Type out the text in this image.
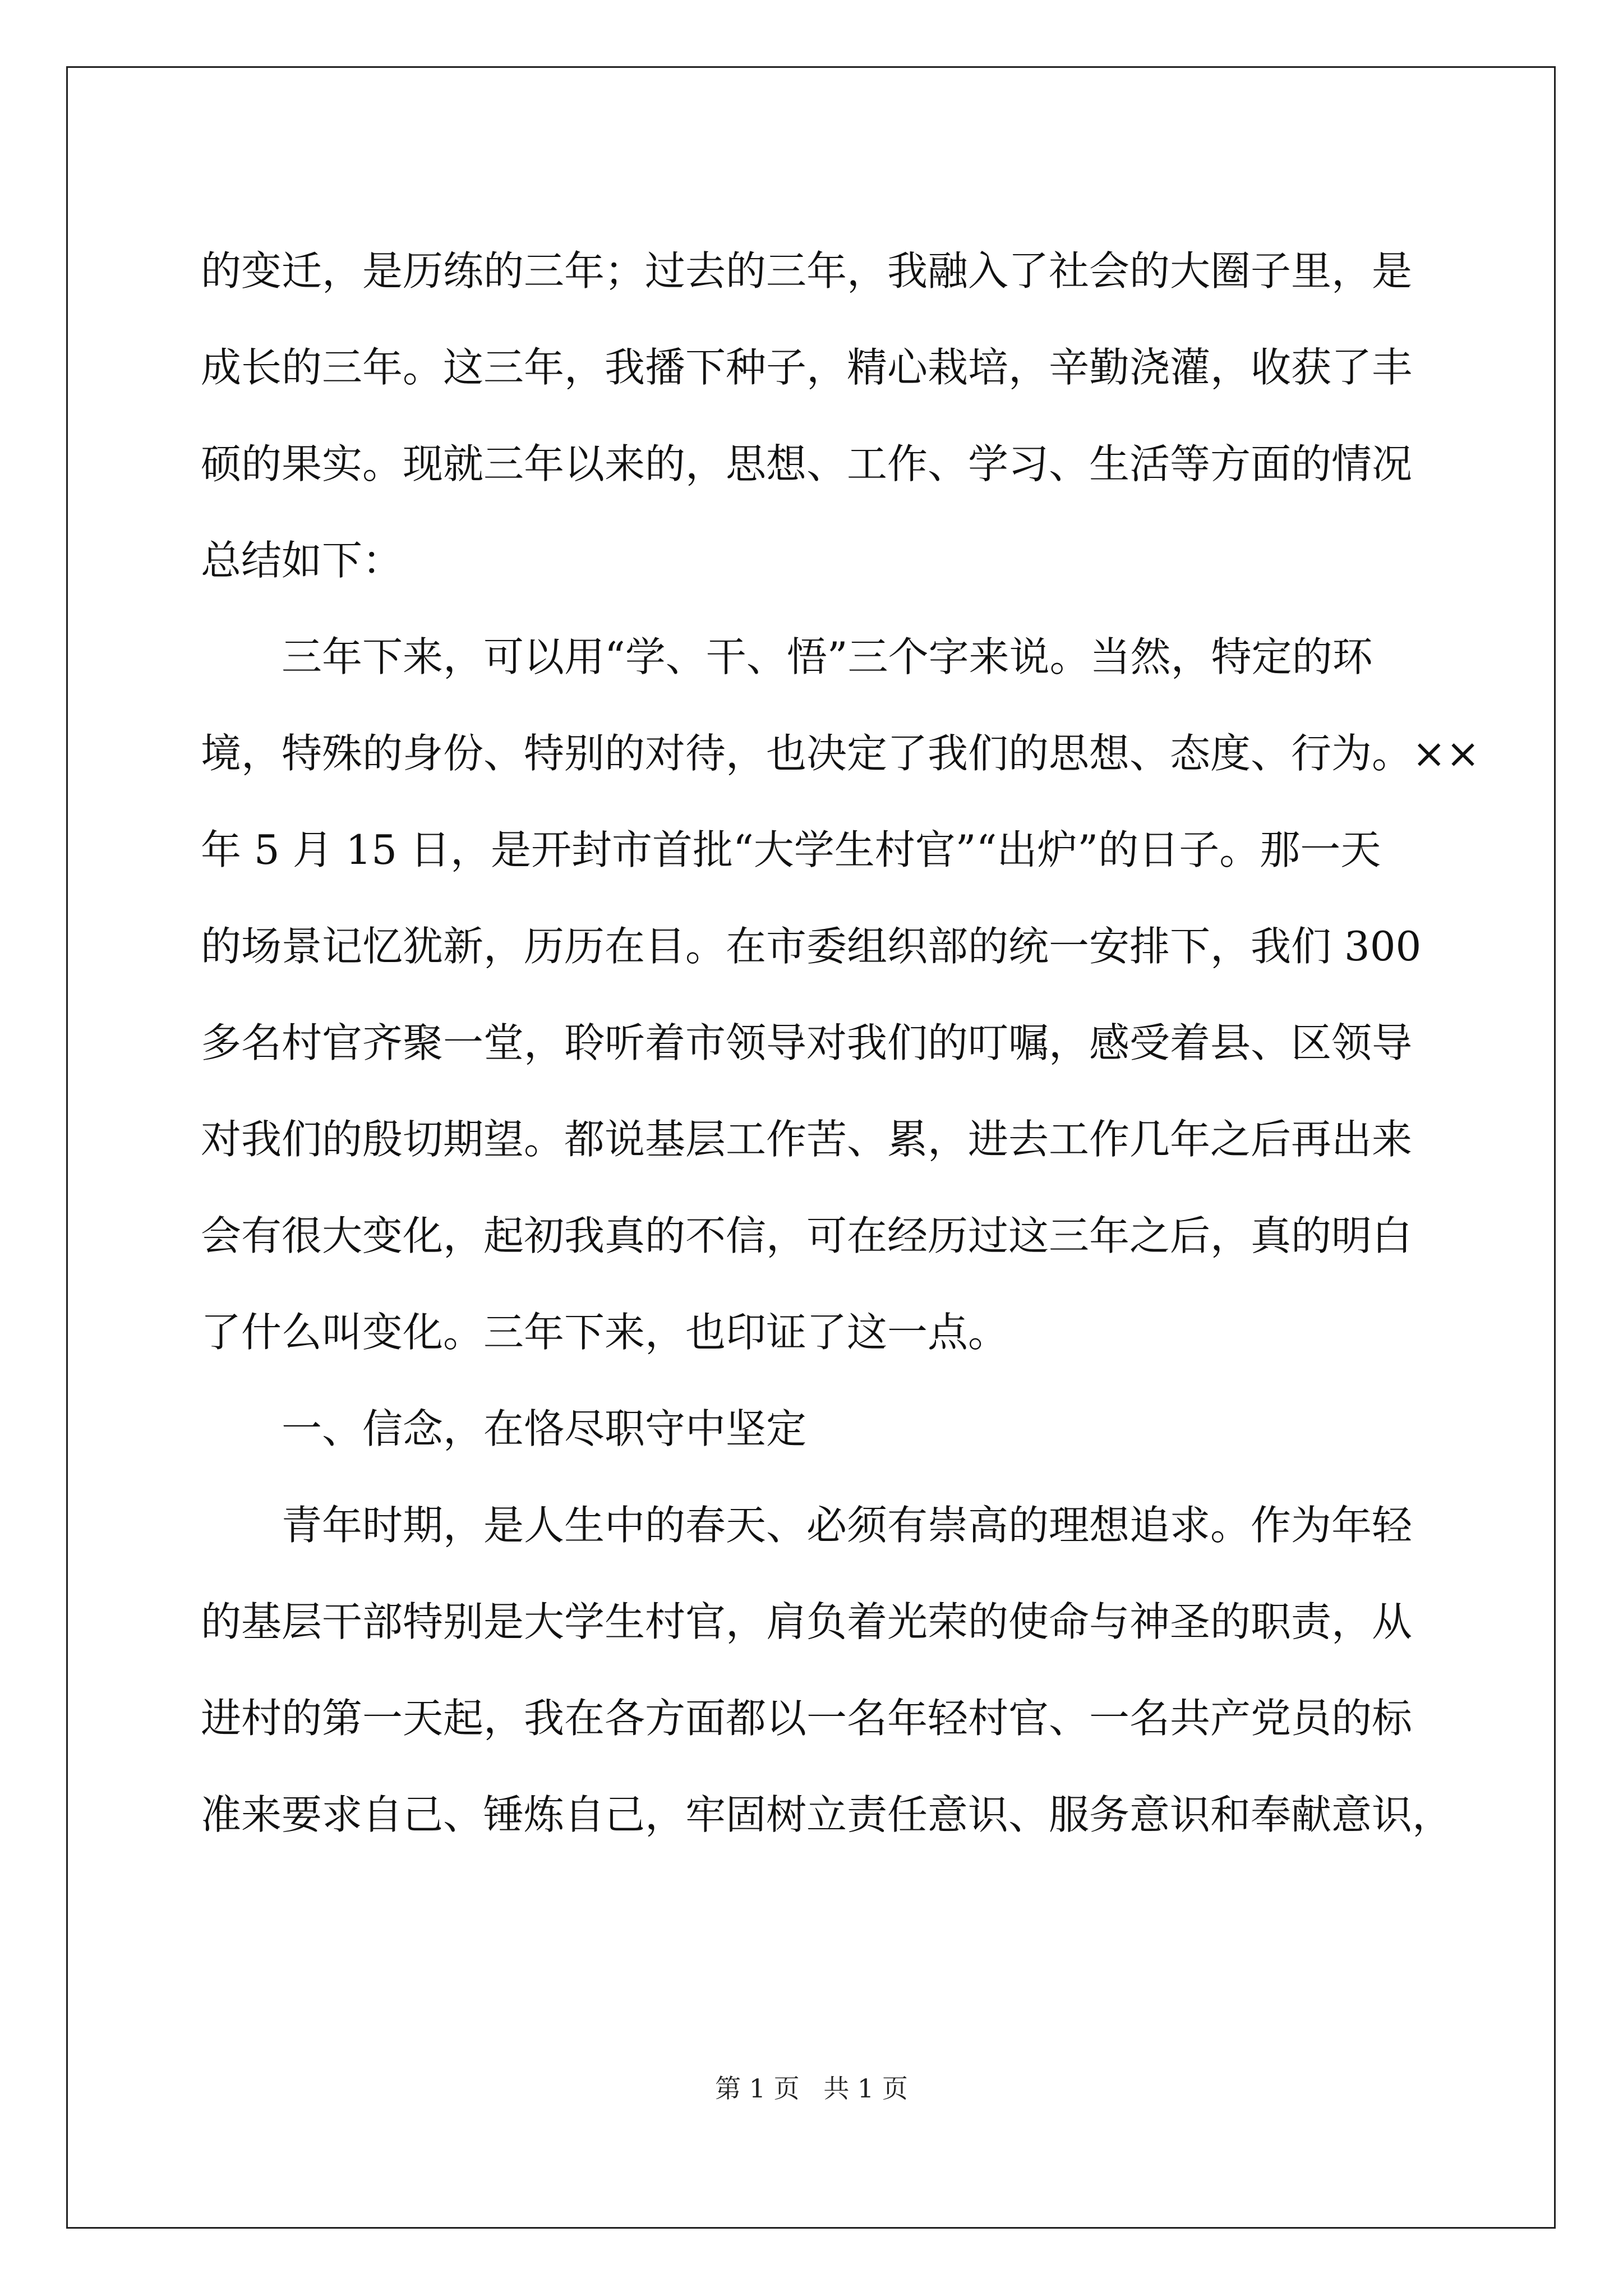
的变迁，是历练的三年；过去的三年，我融入了社会的大圈子里，是
成长的三年。这三年，我播下种子，精心栽培，辛勤浇灌，收获了丰
硕的果实。现就三年以来的，思想、工作、学习、生活等方面的情况
总结如下：
三年下来，可以用“学、干、悟”三个字来说。当然，特定的环
境，特殊的身份、特别的对待，也决定了我们的思想、态度、行为。××
年 5 月 15 日，是开封市首批“大学生村官”“出炉”的日子。那一天
的场景记忆犹新，历历在目。在市委组织部的统一安排下，我们 300
多名村官齐聚一堂，聆听着市领导对我们的叮嘱，感受着县、区领导
对我们的殷切期望。都说基层工作苦、累，进去工作几年之后再出来
会有很大变化，起初我真的不信，可在经历过这三年之后，真的明白
了什么叫变化。三年下来，也印证了这一点。
一、信念，在恪尽职守中坚定
青年时期，是人生中的春天、必须有崇高的理想追求。作为年轻
的基层干部特别是大学生村官，肩负着光荣的使命与神圣的职责，从
进村的第一天起，我在各方面都以一名年轻村官、一名共产党员的标
准来要求自己、锤炼自己，牢固树立责任意识、服务意识和奉献意识，
第 1 页 共 1 页
